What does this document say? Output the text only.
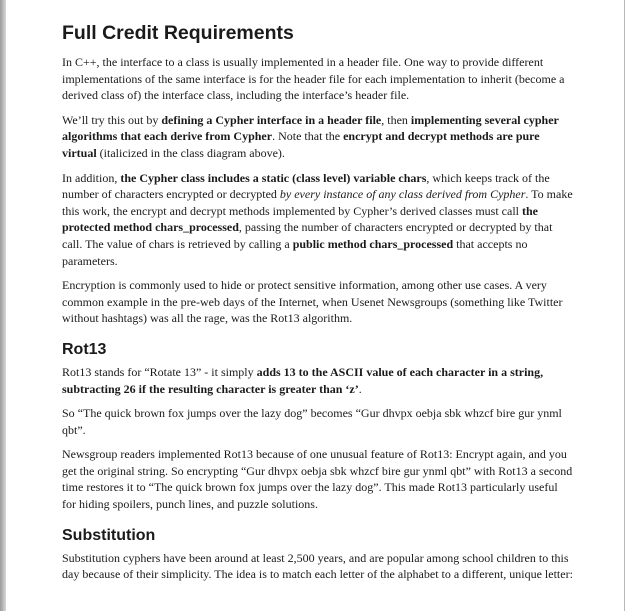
Full Credit Requirements

In C++, the interface to a class is usually implemented in a header file. One way to provide different implementations of the same interface is for the header file for each implementation to inherit (become a derived class of) the interface class, including the interface’s header file.

We’ll try this out by defining a Cypher interface in a header file, then implementing several cypher algorithms that each derive from Cypher. Note that the encrypt and decrypt methods are pure virtual (italicized in the class diagram above).

In addition, the Cypher class includes a static (class level) variable chars, which keeps track of the number of characters encrypted or decrypted by every instance of any class derived from Cypher. To make this work, the encrypt and decrypt methods implemented by Cypher’s derived classes must call the protected method chars_processed, passing the number of characters encrypted or decrypted by that call. The value of chars is retrieved by calling a public method chars_processed that accepts no parameters.

Encryption is commonly used to hide or protect sensitive information, among other use cases. A very common example in the pre-web days of the Internet, when Usenet Newsgroups (something like Twitter without hashtags) was all the rage, was the Rot13 algorithm.

Rot13

Rot13 stands for “Rotate 13” - it simply adds 13 to the ASCII value of each character in a string, subtracting 26 if the resulting character is greater than ‘z’.

So “The quick brown fox jumps over the lazy dog” becomes “Gur dhvpx oebja sbk whzcf bire gur ynml qbt”.

Newsgroup readers implemented Rot13 because of one unusual feature of Rot13: Encrypt again, and you get the original string. So encrypting “Gur dhvpx oebja sbk whzcf bire gur ynml qbt” with Rot13 a second time restores it to “The quick brown fox jumps over the lazy dog”. This made Rot13 particularly useful for hiding spoilers, punch lines, and puzzle solutions.

Substitution

Substitution cyphers have been around at least 2,500 years, and are popular among school children to this day because of their simplicity. The idea is to match each letter of the alphabet to a different, unique letter:
